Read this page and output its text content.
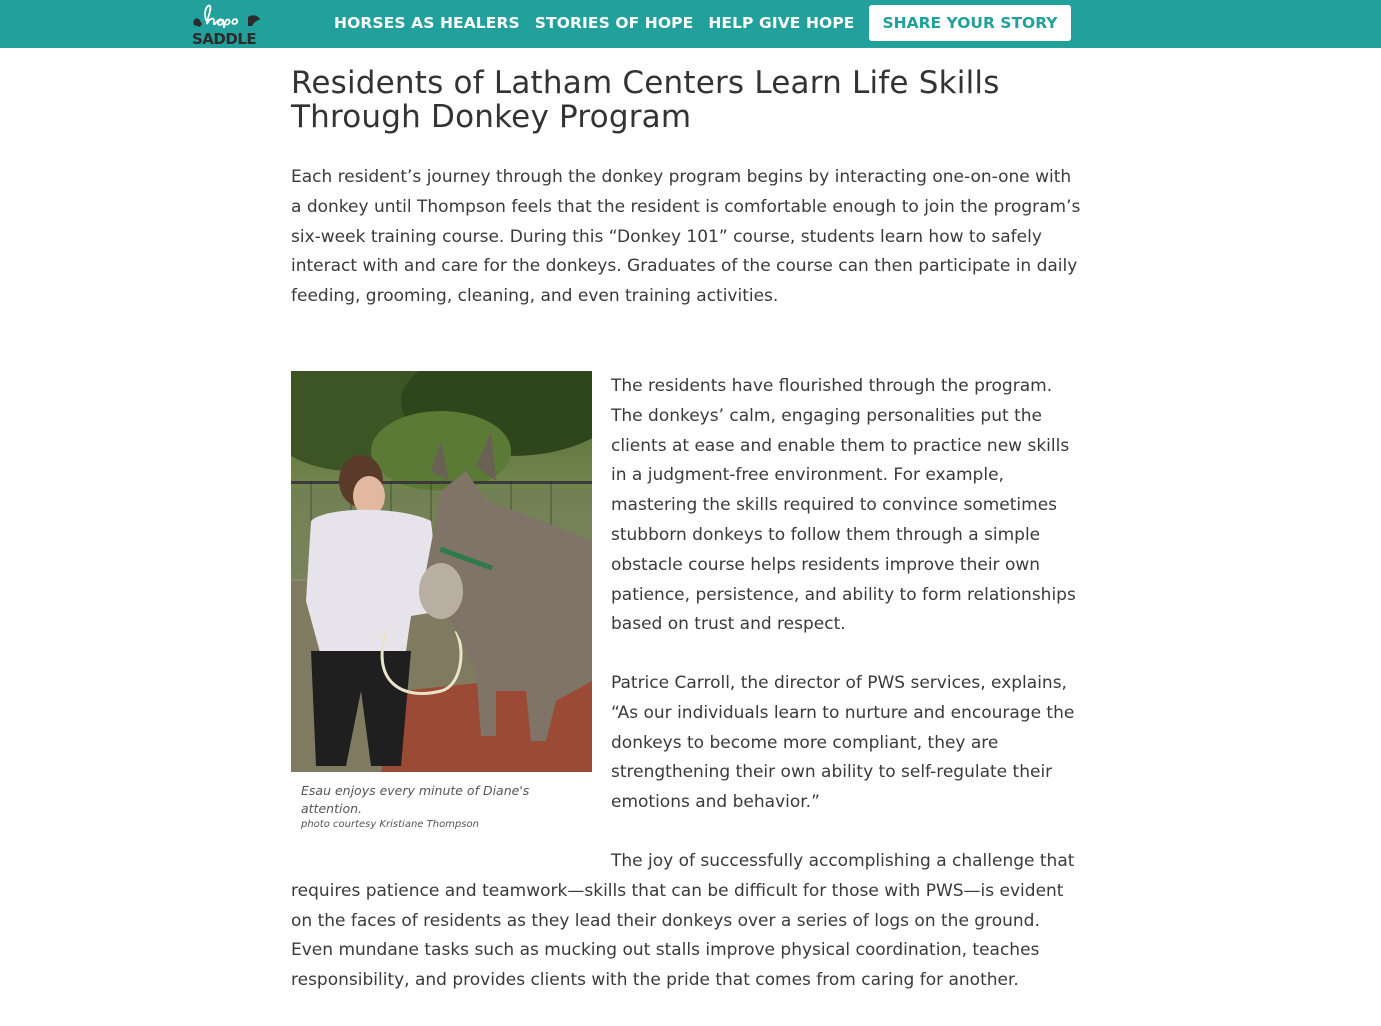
SADDLE
HORSES AS HEALERS STORIES OF HOPE HELP GIVE HOPE	SHARE YOUR STORY
Residents of Latham Centers Learn Life Skills Through Donkey Program

Each resident’s journey through the donkey program begins by interacting one-on-one with a donkey until Thompson feels that the resident is comfortable enough to join the program’s six-week training course. During this “Donkey 101” course, students learn how to safely interact with and care for the donkeys. Graduates of the course can then participate in daily feeding, grooming, cleaning, and even training activities.

Esau enjoys every minute of Diane's attention.
photo courtesy Kristiane Thompson

The residents have flourished through the program. The donkeys’ calm, engaging personalities put the clients at ease and enable them to practice new skills in a judgment-free environment. For example, mastering the skills required to convince sometimes stubborn donkeys to follow them through a simple obstacle course helps residents improve their own patience, persistence, and ability to form relationships based on trust and respect.

Patrice Carroll, the director of PWS services, explains, “As our individuals learn to nurture and encourage the donkeys to become more compliant, they are strengthening their own ability to self-regulate their emotions and behavior.”

The joy of successfully accomplishing a challenge that requires patience and teamwork—skills that can be difficult for those with PWS—is evident on the faces of residents as they lead their donkeys over a series of logs on the ground. Even mundane tasks such as mucking out stalls improve physical coordination, teaches responsibility, and provides clients with the pride that comes from caring for another.
